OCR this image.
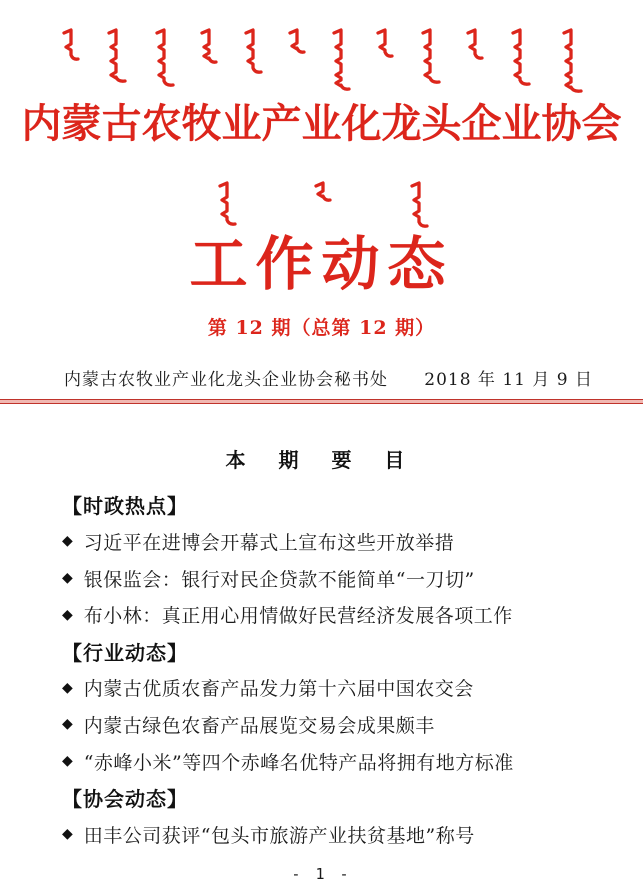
内蒙古农牧业产业化龙头企业协会
工作动态
第 12 期（总第 12 期）
内蒙古农牧业产业化龙头企业协会秘书处 2018 年 11 月 9 日
本 期 要 目
【时政热点】
◆ 习近平在进博会开幕式上宣布这些开放举措
◆ 银保监会：银行对民企贷款不能简单“一刀切”
◆ 布小林：真正用心用情做好民营经济发展各项工作
【行业动态】
◆ 内蒙古优质农畜产品发力第十六届中国农交会
◆ 内蒙古绿色农畜产品展览交易会成果颇丰
◆ “赤峰小米”等四个赤峰名优特产品将拥有地方标准
【协会动态】
◆ 田丰公司获评“包头市旅游产业扶贫基地”称号
- 1 -
